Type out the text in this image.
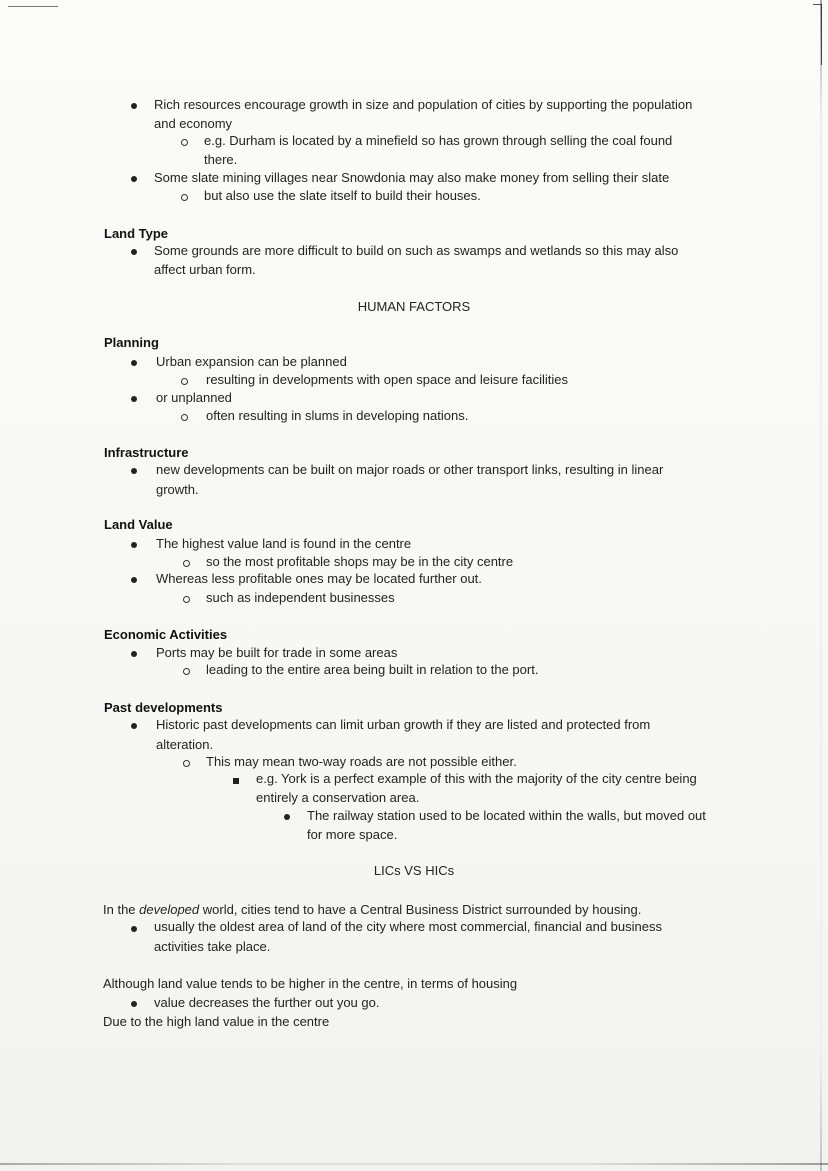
Rich resources encourage growth in size and population of cities by supporting the population
and economy
e.g. Durham is located by a minefield so has grown through selling the coal found
there.
Some slate mining villages near Snowdonia may also make money from selling their slate
but also use the slate itself to build their houses.
Land Type
Some grounds are more difficult to build on such as swamps and wetlands so this may also
affect urban form.
HUMAN FACTORS
Planning
Urban expansion can be planned
resulting in developments with open space and leisure facilities
or unplanned
often resulting in slums in developing nations.
Infrastructure
new developments can be built on major roads or other transport links, resulting in linear
growth.
Land Value
The highest value land is found in the centre
so the most profitable shops may be in the city centre
Whereas less profitable ones may be located further out.
such as independent businesses
Economic Activities
Ports may be built for trade in some areas
leading to the entire area being built in relation to the port.
Past developments
Historic past developments can limit urban growth if they are listed and protected from
alteration.
This may mean two-way roads are not possible either.
e.g. York is a perfect example of this with the majority of the city centre being
entirely a conservation area.
The railway station used to be located within the walls, but moved out
for more space.
LICs VS HICs
In the developed world, cities tend to have a Central Business District surrounded by housing.
usually the oldest area of land of the city where most commercial, financial and business
activities take place.
Although land value tends to be higher in the centre, in terms of housing
value decreases the further out you go.
Due to the high land value in the centre
